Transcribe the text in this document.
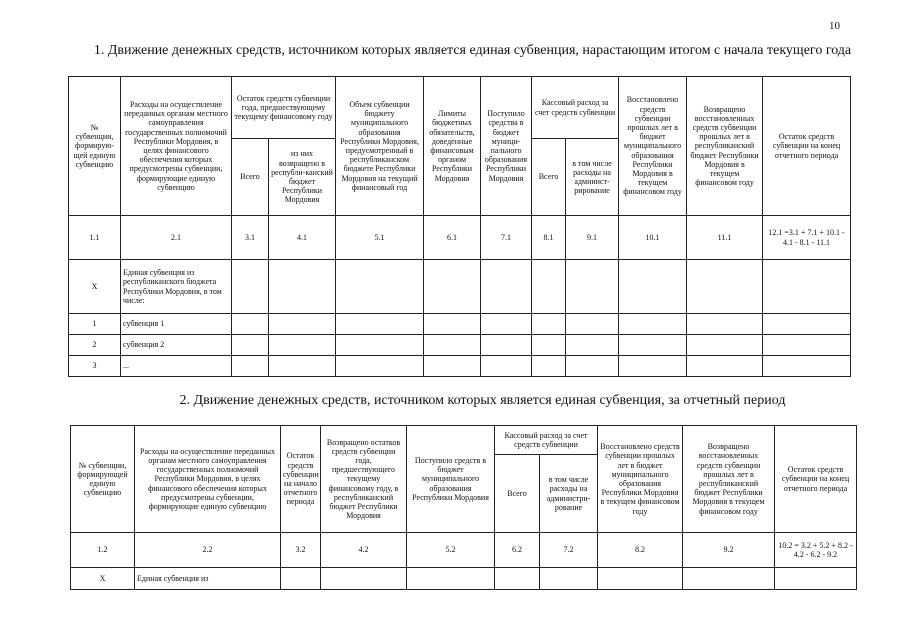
10
1. Движение денежных средств, источником которых является единая субвенция, нарастающим итогом с начала текущего года
№ субвенции, формирую-щей единую субвенцию	Расходы на осуществление переданных органам местного самоуправления государственных полномочий Республики Мордовия, в целях финансового обеспечения которых предусмотрены субвенции, формирующие единую субвенцию	Остаток средств субвенции года, предшествующему текущему финансовому году		Объем субвенции бюджету муниципального образования Республики Мордовия, предусмотренный в республиканском бюджете Республики Мордовия на текущий финансовый год	Лимиты бюджетных обязательств, доведенные финансовым органом Республики Мордовия	Поступило средства в бюджет муници-пального образования Республики Мордовия	Кассовый расход за счет средств субвенции		Восстановлено средств субвенции прошлых лет в бюджет муниципального образования Республики Мордовия в текущем финансовом году	Возвращено восстановленных средств субвенции прошлых лет в республиканский бюджет Республики Мордовия в текущем финансовом году	Остаток средств субвенции на конец отчетного периода
		Всего	из них возвращено в республи-канский бюджет Республики Мордовия				Всего	в том числе расходы на админист-рирование			
1.1	2.1	3.1	4.1	5.1	6.1	7.1	8.1	9.1	10.1	11.1	12.1 =3.1 + 7.1 + 10.1 - 4.1 - 8.1 - 11.1
Х	Единая субвенция из республиканского бюджета Республики Мордовия, в том числе:										
1	субвенция 1										
2	субвенция 2										
3	...										
2. Движение денежных средств, источником которых является единая субвенция, за отчетный период
№ субвенции, формирующей единую субвенцию	Расходы на осуществление переданных органам местного самоуправления государственных полномочий Республики Мордовия, в целях финансового обеспечения которых предусмотрены субвенции, формирующие единую субвенцию	Остаток средств субвенции на начало отчетного периода	Возвращено остатков средств субвенции года, предшествующего текущему финансовому году, в республиканский бюджет Республики Мордовия	Поступило средств в бюджет муниципального образования Республики Мордовия	Кассовый расход за счет средств субвенции		Восстановлено средств субвенции прошлых лет в бюджет муниципального образования Республики Мордовия в текущем финансовом году	Возвращено восстановленных средств субвенции прошлых лет в республиканский бюджет Республики Мордовия в текущем финансовом году	Остаток средств субвенции на конец отчетного периода
					Всего	в том числе расходы на администри-рование			
1.2	2.2	3.2	4.2	5.2	6.2	7.2	8.2	9.2	10.2 = 3.2 + 5.2 + 8.2 - 4.2 - 6.2 - 9.2
Х	Единая субвенция из								
